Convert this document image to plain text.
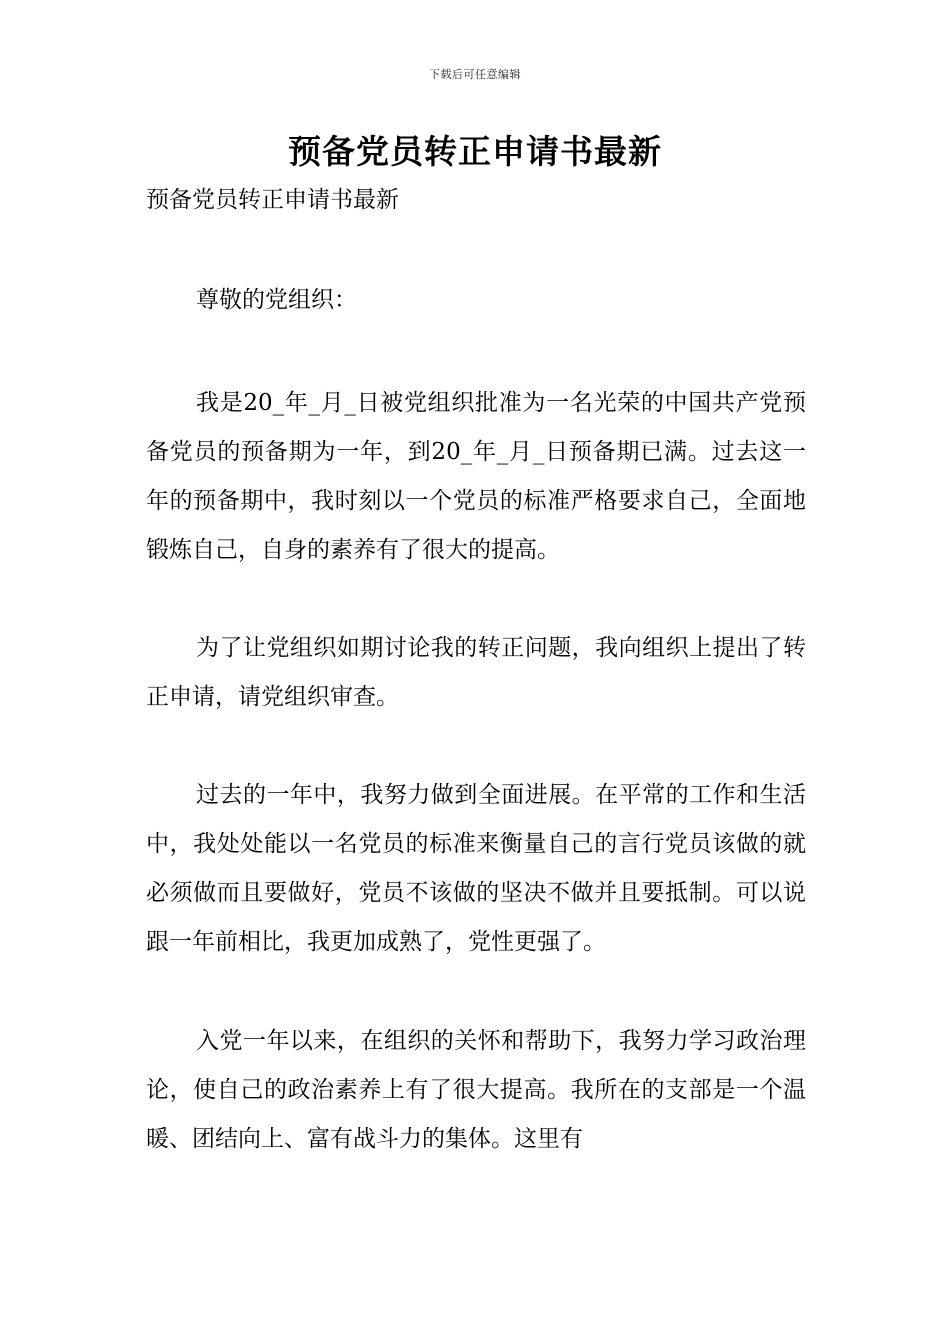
下载后可任意编辑
预备党员转正申请书最新

预备党员转正申请书最新

尊敬的党组织：

我是20_年_月_日被党组织批准为一名光荣的中国共产党预备党员的预备期为一年，到20_年_月_日预备期已满。过去这一年的预备期中，我时刻以一个党员的标准严格要求自己，全面地锻炼自己，自身的素养有了很大的提高。

为了让党组织如期讨论我的转正问题，我向组织上提出了转正申请，请党组织审查。

过去的一年中，我努力做到全面进展。在平常的工作和生活中，我处处能以一名党员的标准来衡量自己的言行党员该做的就必须做而且要做好，党员不该做的坚决不做并且要抵制。可以说跟一年前相比，我更加成熟了，党性更强了。

入党一年以来，在组织的关怀和帮助下，我努力学习政治理论，使自己的政治素养上有了很大提高。我所在的支部是一个温暖、团结向上、富有战斗力的集体。这里有
